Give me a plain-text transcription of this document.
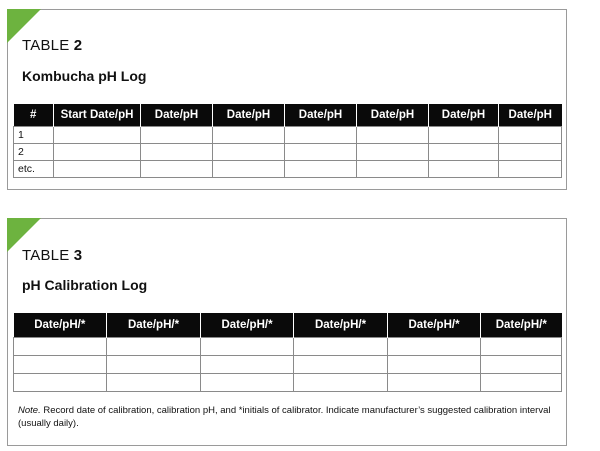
TABLE 2
Kombucha pH Log
#	Start Date/pH	Date/pH	Date/pH	Date/pH	Date/pH	Date/pH	Date/pH
1							
2							
etc.							
TABLE 3
pH Calibration Log
Date/pH/*	Date/pH/*	Date/pH/*	Date/pH/*	Date/pH/*	Date/pH/*

Note. Record date of calibration, calibration pH, and *initials of calibrator. Indicate manufacturer’s suggested calibration interval (usually daily).
